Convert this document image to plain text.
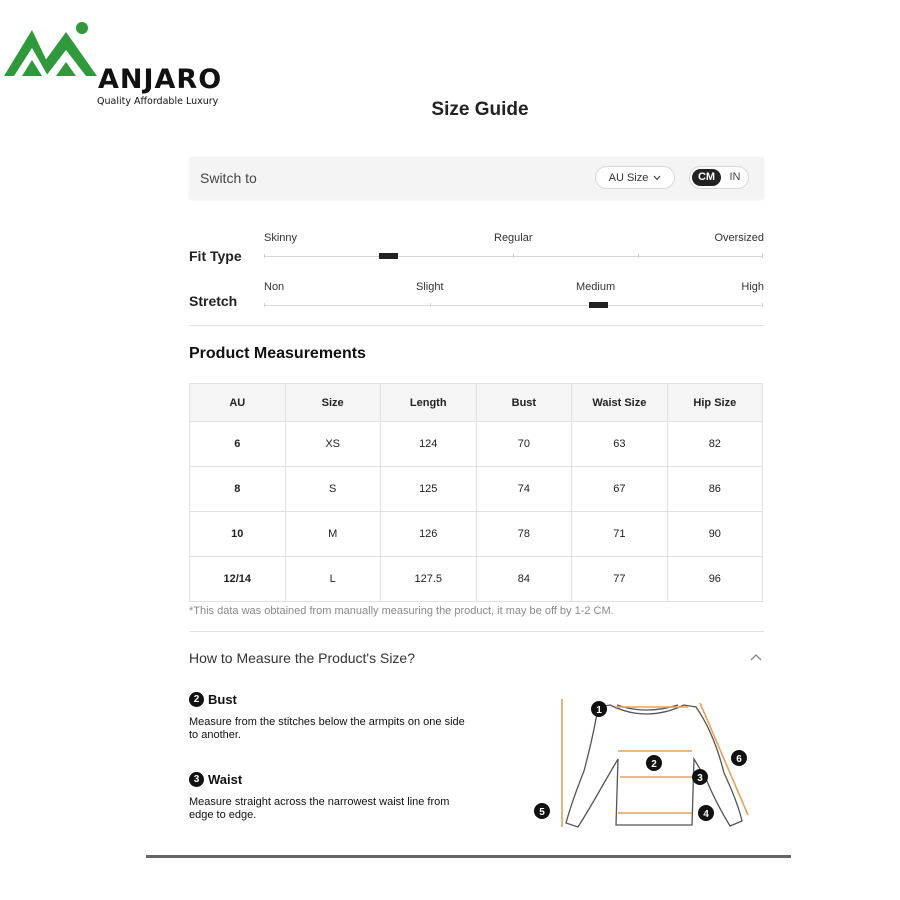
ANJARO
Quality Affordable Luxury	Size Guide
Switch to	AU Size	CM	IN
Fit Type
Skinny	Regular	Oversized
Stretch
Non	Slight	Medium	High
Product Measurements
AU	Size	Length	Bust	Waist Size	Hip Size
6	XS	124	70	63	82
8	S	125	74	67	86
10	M	126	78	71	90
12/14	L	127.5	84	77	96
*This data was obtained from manually measuring the product, it may be off by 1-2 CM.
How to Measure the Product's Size?
2 Bust
Measure from the stitches below the armpits on one side to another.
3 Waist
Measure straight across the narrowest waist line from edge to edge.
1
2
3
4
5
6
